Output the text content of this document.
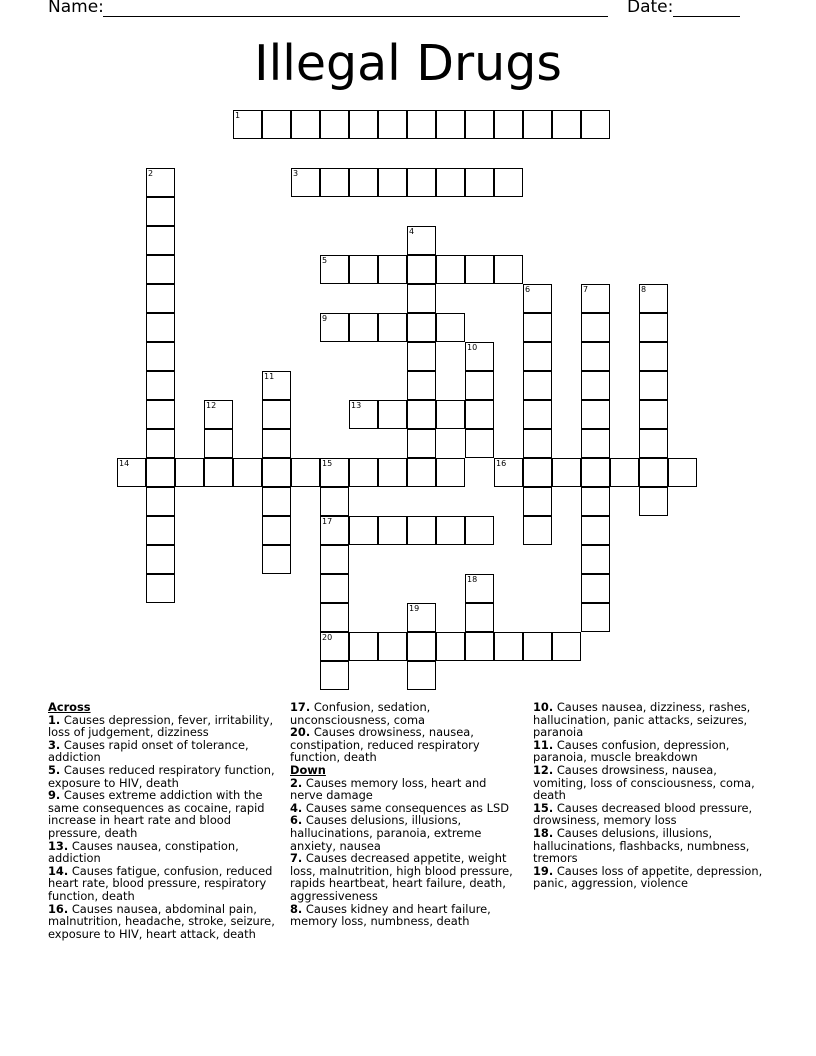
Name:	Date:
Illegal Drugs
1
3
5
9
13
14	15	16
17
20
2
4
6	7	8
10
11
12
18
19

Across

1. Causes depression, fever, irritability, loss of judgement, dizziness

3. Causes rapid onset of tolerance, addiction

5. Causes reduced respiratory function, exposure to HIV, death

9. Causes extreme addiction with the same consequences as cocaine, rapid increase in heart rate and blood pressure, death

13. Causes nausea, constipation, addiction

14. Causes fatigue, confusion, reduced heart rate, blood pressure, respiratory function, death

16. Causes nausea, abdominal pain, malnutrition, headache, stroke, seizure, exposure to HIV, heart attack, death

17. Confusion, sedation, unconsciousness, coma

20. Causes drowsiness, nausea, constipation, reduced respiratory function, death

Down

2. Causes memory loss, heart and nerve damage

4. Causes same consequences as LSD

6. Causes delusions, illusions, hallucinations, paranoia, extreme anxiety, nausea

7. Causes decreased appetite, weight loss, malnutrition, high blood pressure, rapids heartbeat, heart failure, death, aggressiveness

8. Causes kidney and heart failure, memory loss, numbness, death

10. Causes nausea, dizziness, rashes, hallucination, panic attacks, seizures, paranoia

11. Causes confusion, depression, paranoia, muscle breakdown

12. Causes drowsiness, nausea, vomiting, loss of consciousness, coma, death

15. Causes decreased blood pressure, drowsiness, memory loss

18. Causes delusions, illusions, hallucinations, flashbacks, numbness, tremors

19. Causes loss of appetite, depression, panic, aggression, violence
